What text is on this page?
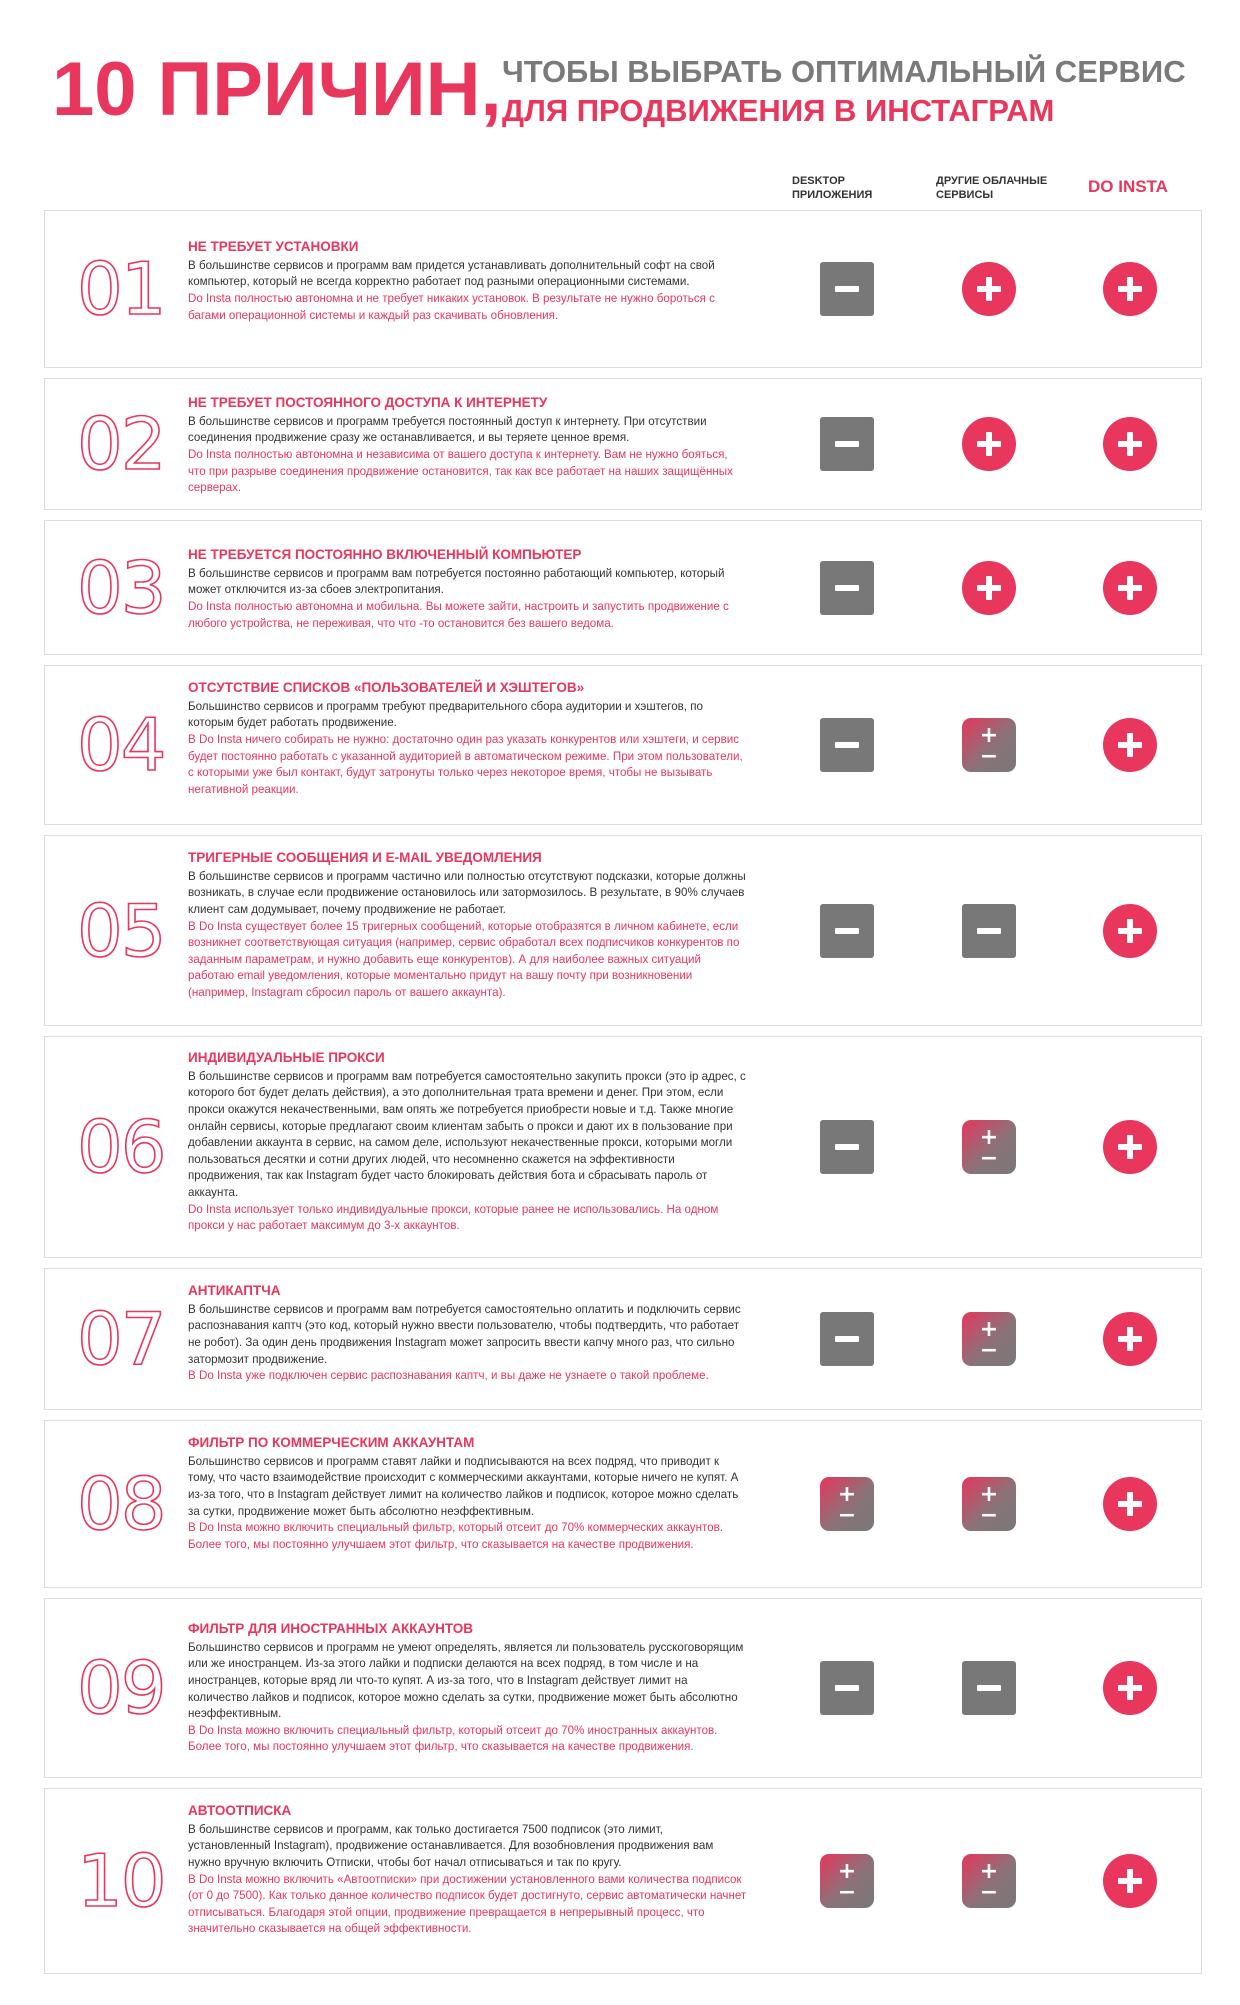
10 ПРИЧИН, ЧТОБЫ ВЫБРАТЬ ОПТИМАЛЬНЫЙ СЕРВИС
ДЛЯ ПРОДВИЖЕНИЯ В ИНСТАГРАМ
DESKTOP ПРИЛОЖЕНИЯ
ДРУГИЕ ОБЛАЧНЫЕ СЕРВИСЫ	DO INSTA
01
НЕ ТРЕБУЕТ УСТАНОВКИ

В большинстве сервисов и программ вам придется устанавливать дополнительный софт на свой компьютер, который не всегда корректно работает под разными операционными системами.

Do Insta полностью автономна и не требует никаких установок. В результате не нужно бороться с багами операционной системы и каждый раз скачивать обновления.

02 НЕ ТРЕБУЕТ ПОСТОЯННОГО ДОСТУПА К ИНТЕРНЕТУ

В большинстве сервисов и программ требуется постоянный доступ к интернету. При отсутствии соединения продвижение сразу же останавливается, и вы теряете ценное время.

Do Insta полностью автономна и независима от вашего доступа к интернету. Вам не нужно бояться, что при разрыве соединения продвижение остановится, так как все работает на наших защищённых серверах.

03 НЕ ТРЕБУЕТСЯ ПОСТОЯННО ВКЛЮЧЕННЫЙ КОМПЬЮТЕР

В большинстве сервисов и программ вам потребуется постоянно работающий компьютер, который может отключится из-за сбоев электропитания.

Do Insta полностью автономна и мобильна. Вы можете зайти, настроить и запустить продвижение с любого устройства, не переживая, что что -то остановится без вашего ведома.

04
ОТСУТСТВИЕ СПИСКОВ «ПОЛЬЗОВАТЕЛЕЙ И ХЭШТЕГОВ»

Большинство сервисов и программ требуют предварительного сбора аудитории и хэштегов, по которым будет работать продвижение.

В Do Insta ничего собирать не нужно: достаточно один раз указать конкурентов или хэштеги, и сервис будет постоянно работать с указанной аудиторией в автоматическом режиме. При этом пользователи, с которыми уже был контакт, будут затронуты только через некоторое время, чтобы не вызывать негативной реакции.

+
−
05
ТРИГЕРНЫЕ СООБЩЕНИЯ И E-MAIL УВЕДОМЛЕНИЯ

В большинстве сервисов и программ частично или полностью отсутствуют подсказки, которые должны возникать, в случае если продвижение остановилось или затормозилось. В результате, в 90% случаев клиент сам додумывает, почему продвижение не работает.

В Do Insta существует более 15 тригерных сообщений, которые отобразятся в личном кабинете, если возникнет соответствующая ситуация (например, сервис обработал всех подписчиков конкурентов по заданным параметрам, и нужно добавить еще конкурентов). А для наиболее важных ситуаций работаю email уведомления, которые моментально придут на вашу почту при возникновении (например, Instagram сбросил пароль от вашего аккаунта).

06
ИНДИВИДУАЛЬНЫЕ ПРОКСИ

В большинстве сервисов и программ вам потребуется самостоятельно закупить прокси (это ip адрес, с которого бот будет делать действия), а это дополнительная трата времени и денег. При этом, если прокси окажутся некачественными, вам опять же потребуется приобрести новые и т.д. Также многие онлайн сервисы, которые предлагают своим клиентам забыть о прокси и дают их в пользование при добавлении аккаунта в сервис, на самом деле, используют некачественные прокси, которыми могли пользоваться десятки и сотни других людей, что несомненно скажется на эффективности продвижения, так как Instagram будет часто блокировать действия бота и сбрасывать пароль от аккаунта.

Do Insta использует только индивидуальные прокси, которые ранее не использовались. На одном прокси у нас работает максимум до 3-х аккаунтов.

+
−
07
АНТИКАПТЧА

В большинстве сервисов и программ вам потребуется самостоятельно оплатить и подключить сервис распознавания каптч (это код, который нужно ввести пользователю, чтобы подтвердить, что работает не робот). За один день продвижения Instagram может запросить ввести капчу много раз, что сильно затормозит продвижение.

В Do Insta уже подключен сервис распознавания каптч, и вы даже не узнаете о такой проблеме.

+
−
08
ФИЛЬТР ПО КОММЕРЧЕСКИМ АККАУНТАМ

Большинство сервисов и программ ставят лайки и подписываются на всех подряд, что приводит к тому, что часто взаимодействие происходит с коммерческими аккаунтами, которые ничего не купят. А из-за того, что в Instagram действует лимит на количество лайков и подписок, которое можно сделать за сутки, продвижение может быть абсолютно неэффективным.

В Do Insta можно включить специальный фильтр, который отсеит до 70% коммерческих аккаунтов. Более того, мы постоянно улучшаем этот фильтр, что сказывается на качестве продвижения.

+
−
+
−
09
ФИЛЬТР ДЛЯ ИНОСТРАННЫХ АККАУНТОВ

Большинство сервисов и программ не умеют определять, является ли пользователь русскоговорящим или же иностранцем. Из-за этого лайки и подписки делаются на всех подряд, в том числе и на иностранцев, которые вряд ли что-то купят. А из-за того, что в Instagram действует лимит на количество лайков и подписок, которое можно сделать за сутки, продвижение может быть абсолютно неэффективным.

В Do Insta можно включить специальный фильтр, который отсеит до 70% иностранных аккаунтов. Более того, мы постоянно улучшаем этот фильтр, что сказывается на качестве продвижения.

10
АВТООТПИСКА

В большинстве сервисов и программ, как только достигается 7500 подписок (это лимит, установленный Instagram), продвижение останавливается. Для возобновления продвижения вам нужно вручную включить Отписки, чтобы бот начал отписываться и так по кругу.

В Do Insta можно включить «Автоотписки» при достижении установленного вами количества подписок (от 0 до 7500). Как только данное количество подписок будет достигнуто, сервис автоматически начнет отписываться. Благодаря этой опции, продвижение превращается в непрерывный процесс, что значительно сказывается на общей эффективности.

+
−
+
−
